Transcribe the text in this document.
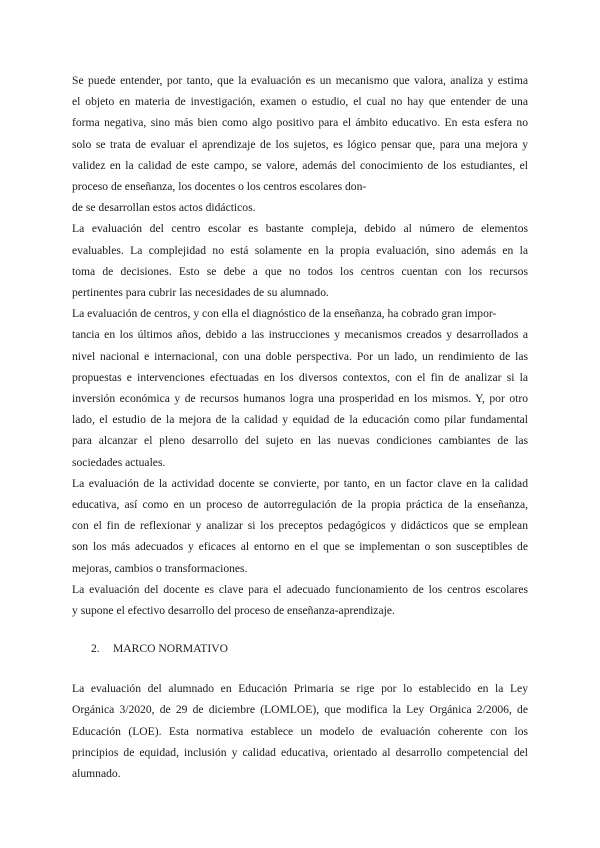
Se puede entender, por tanto, que la evaluación es un mecanismo que valora, analiza y estima
el objeto en materia de investigación, examen o estudio, el cual no hay que entender de una
forma negativa, sino más bien como algo positivo para el ámbito educativo. En esta esfera no
solo se trata de evaluar el aprendizaje de los sujetos, es lógico pensar que, para una mejora y
validez en la calidad de este campo, se valore, además del conocimiento de los estudiantes, el
proceso de enseñanza, los docentes o los centros escolares don-
de se desarrollan estos actos didácticos.
La evaluación del centro escolar es bastante compleja, debido al número de elementos
evaluables. La complejidad no está solamente en la propia evaluación, sino además en la
toma de decisiones. Esto se debe a que no todos los centros cuentan con los recursos
pertinentes para cubrir las necesidades de su alumnado.
La evaluación de centros, y con ella el diagnóstico de la enseñanza, ha cobrado gran impor-
tancia en los últimos años, debido a las instrucciones y mecanismos creados y desarrollados a
nivel nacional e internacional, con una doble perspectiva. Por un lado, un rendimiento de las
propuestas e intervenciones efectuadas en los diversos contextos, con el fin de analizar si la
inversión económica y de recursos humanos logra una prosperidad en los mismos. Y, por otro
lado, el estudio de la mejora de la calidad y equidad de la educación como pilar fundamental
para alcanzar el pleno desarrollo del sujeto en las nuevas condiciones cambiantes de las
sociedades actuales.
La evaluación de la actividad docente se convierte, por tanto, en un factor clave en la calidad
educativa, así como en un proceso de autorregulación de la propia práctica de la enseñanza,
con el fin de reflexionar y analizar si los preceptos pedagógicos y didácticos que se emplean
son los más adecuados y eficaces al entorno en el que se implementan o son susceptibles de
mejoras, cambios o transformaciones.
La evaluación del docente es clave para el adecuado funcionamiento de los centros escolares
y supone el efectivo desarrollo del proceso de enseñanza-aprendizaje.
2. MARCO NORMATIVO
La evaluación del alumnado en Educación Primaria se rige por lo establecido en la Ley
Orgánica 3/2020, de 29 de diciembre (LOMLOE), que modifica la Ley Orgánica 2/2006, de
Educación (LOE). Esta normativa establece un modelo de evaluación coherente con los
principios de equidad, inclusión y calidad educativa, orientado al desarrollo competencial del
alumnado.
